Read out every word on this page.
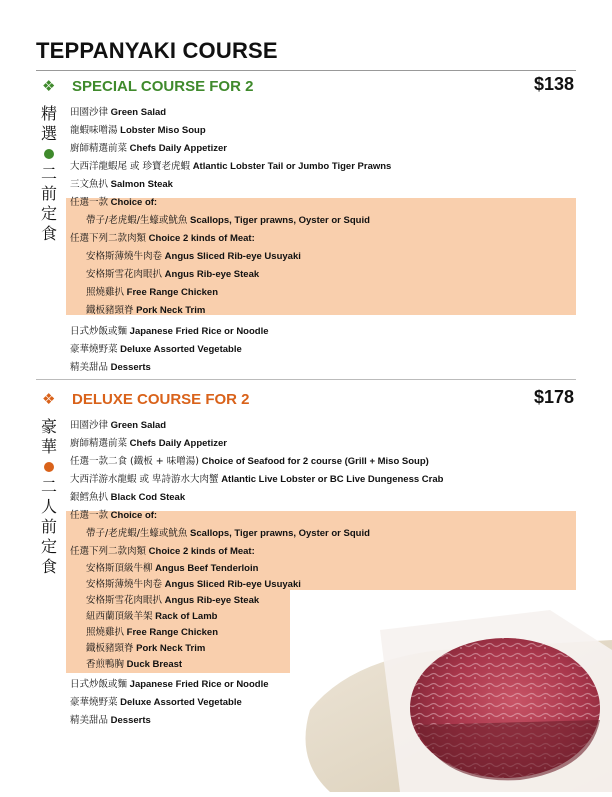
TEPPANYAKI COURSE
❖ SPECIAL COURSE FOR 2	$138
精
選
二
前
定
食
田園沙律 Green Salad
龍蝦味噌湯 Lobster Miso Soup
廚師精選前菜 Chefs Daily Appetizer
大西洋龍蝦尾 或 珍寶老虎蝦 Atlantic Lobster Tail or Jumbo Tiger Prawns
三文魚扒 Salmon Steak
任選一款 Choice of:
帶子/老虎蝦/生蠔或魷魚 Scallops, Tiger prawns, Oyster or Squid
任選下列二款肉類 Choice 2 kinds of Meat:
安格斯薄燒牛肉卷 Angus Sliced Rib-eye Usuyaki
安格斯雪花肉眼扒 Angus Rib-eye Steak
照燒雞扒 Free Range Chicken
鐵板豬頸脊 Pork Neck Trim
日式炒飯或麵 Japanese Fried Rice or Noodle
豪華燒野菜 Deluxe Assorted Vegetable
精美甜品 Desserts
❖ DELUXE COURSE FOR 2	$178
豪
華
二
人
前
定
食
田園沙律 Green Salad
廚師精選前菜 Chefs Daily Appetizer
任選一款二食 (鐵板 + 味噌湯) Choice of Seafood for 2 course (Grill + Miso Soup)
大西洋游水龍蝦 或 卑詩游水大肉蟹 Atlantic Live Lobster or BC Live Dungeness Crab
銀鱈魚扒 Black Cod Steak
任選一款 Choice of:
帶子/老虎蝦/生蠔或魷魚 Scallops, Tiger prawns, Oyster or Squid
任選下列二款肉類 Choice 2 kinds of Meat:
安格斯頂級牛柳 Angus Beef Tenderloin
安格斯薄燒牛肉卷 Angus Sliced Rib-eye Usuyaki
安格斯雪花肉眼扒 Angus Rib-eye Steak
紐西蘭頂級羊架 Rack of Lamb
照燒雞扒 Free Range Chicken
鐵板豬頸脊 Pork Neck Trim
香煎鴨胸 Duck Breast
日式炒飯或麵 Japanese Fried Rice or Noodle
豪華燒野菜 Deluxe Assorted Vegetable
精美甜品 Desserts
